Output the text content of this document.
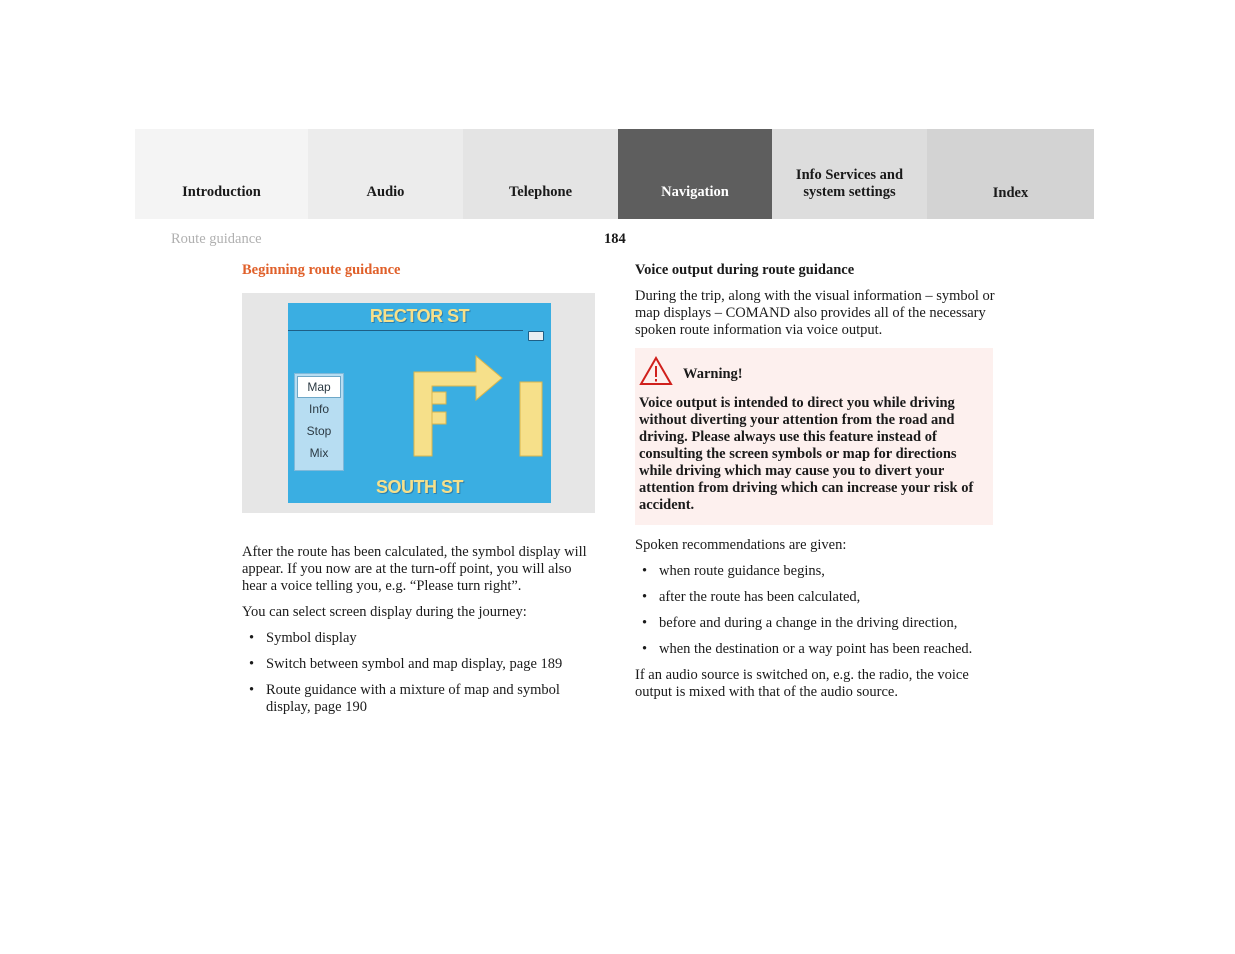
Introduction	Audio	Telephone	Navigation
Info Services and system settings	Index
Route guidance	184
Beginning route guidance
RECTOR ST
Map
Info
Stop
Mix
SOUTH ST

After the route has been calculated, the symbol display will appear. If you now are at the turn-off point, you will also hear a voice telling you, e.g. “Please turn right”.

You can select screen display during the journey:

• Symbol display
• Switch between symbol and map display, page 189
• Route guidance with a mixture of map and symbol display, page 190
Voice output during route guidance

During the trip, along with the visual information – symbol or map displays – COMAND also provides all of the necessary spoken route information via voice output.

Warning!
Voice output is intended to direct you while driving without diverting your attention from the road and driving. Please always use this feature instead of consulting the screen symbols or map for directions while driving which may cause you to divert your attention from driving which can increase your risk of accident.

Spoken recommendations are given:

• when route guidance begins,
• after the route has been calculated,
• before and during a change in the driving direction,
• when the destination or a way point has been reached.

If an audio source is switched on, e.g. the radio, the voice output is mixed with that of the audio source.
